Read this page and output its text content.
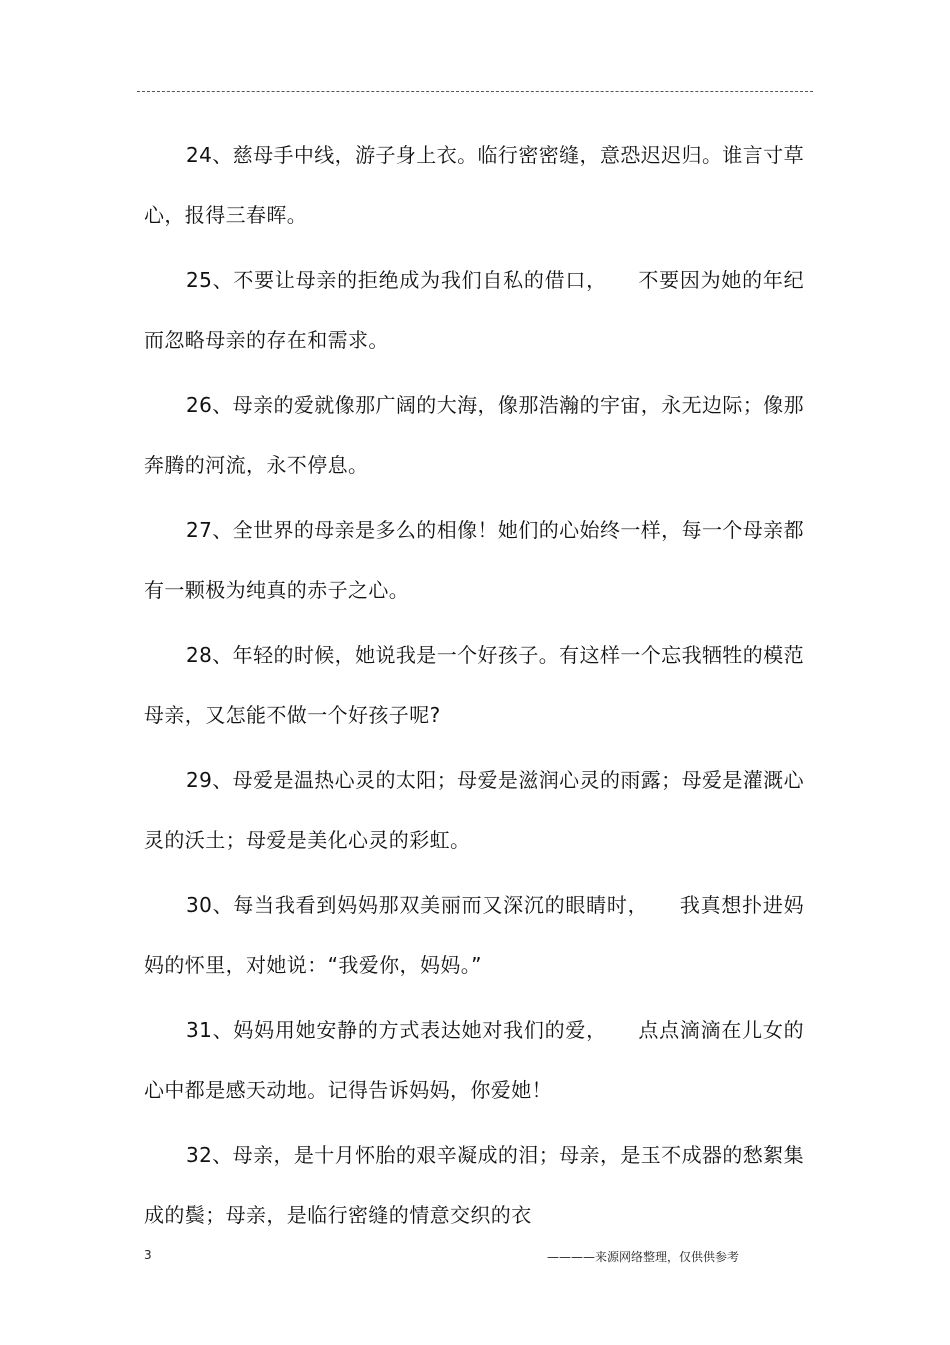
24、慈母手中线，游子身上衣。临行密密缝，意恐迟迟归。谁言寸草心，报得三春晖。

25、不要让母亲的拒绝成为我们自私的借口，　　不要因为她的年纪而忽略母亲的存在和需求。

26、母亲的爱就像那广阔的大海，像那浩瀚的宇宙，永无边际；像那奔腾的河流，永不停息。

27、全世界的母亲是多么的相像！她们的心始终一样，每一个母亲都有一颗极为纯真的赤子之心。

28、年轻的时候，她说我是一个好孩子。有这样一个忘我牺牲的模范母亲，又怎能不做一个好孩子呢?

29、母爱是温热心灵的太阳；母爱是滋润心灵的雨露；母爱是灌溉心灵的沃土；母爱是美化心灵的彩虹。

30、每当我看到妈妈那双美丽而又深沉的眼睛时，　　我真想扑进妈妈的怀里，对她说：“我爱你，妈妈。”

31、妈妈用她安静的方式表达她对我们的爱，　　点点滴滴在儿女的心中都是感天动地。记得告诉妈妈，你爱她！

32、母亲，是十月怀胎的艰辛凝成的泪；母亲，是玉不成器的愁絮集成的鬓；母亲，是临行密缝的情意交织的衣

3	————来源网络整理，仅供供参考
